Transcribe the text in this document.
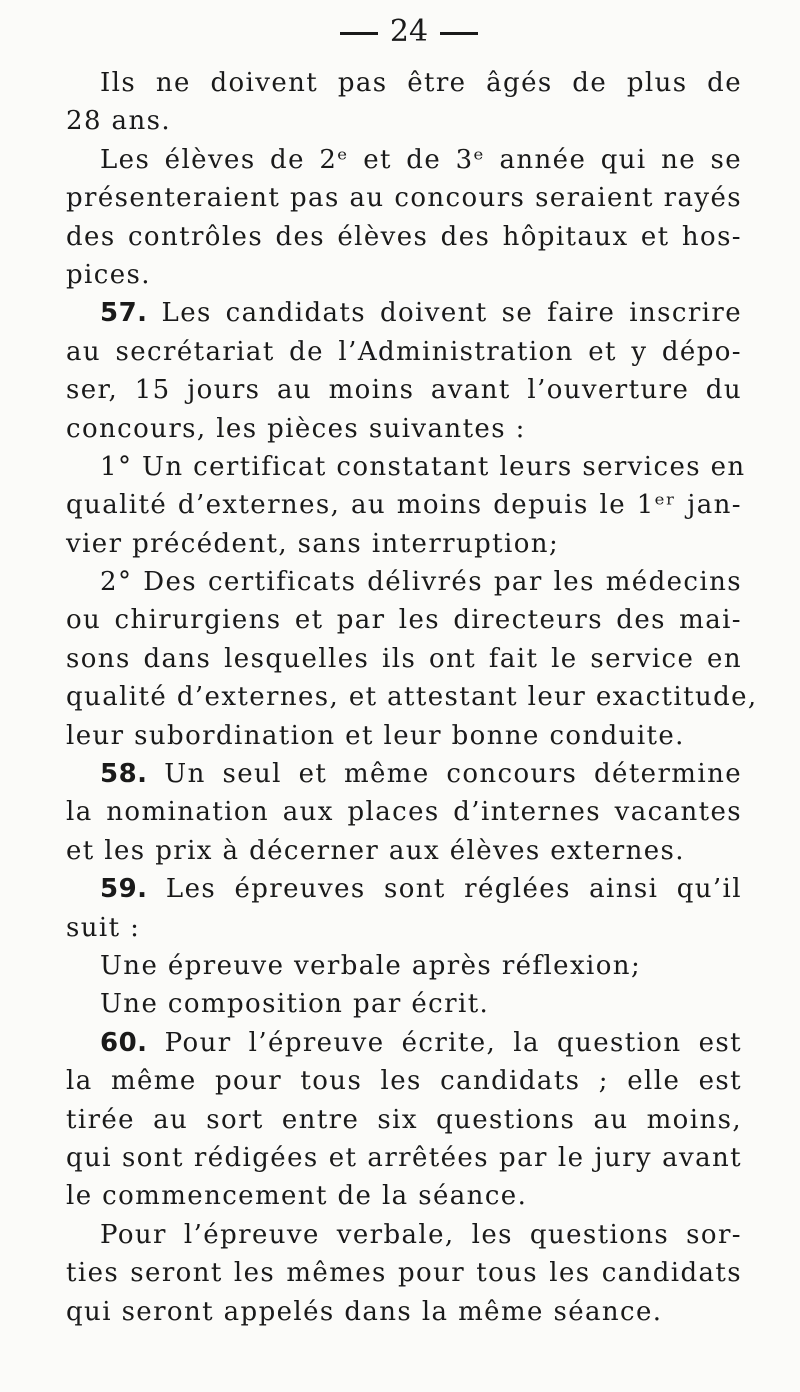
24
Ils ne doivent pas être âgés de plus de
28 ans.
Les élèves de 2ᵉ et de 3ᵉ année qui ne se
présenteraient pas au concours seraient rayés
des contrôles des élèves des hôpitaux et hos-
pices.
57. Les candidats doivent se faire inscrire
au secrétariat de l’Administration et y dépo-
ser, 15 jours au moins avant l’ouverture du
concours, les pièces suivantes :
1° Un certificat constatant leurs services en
qualité d’externes, au moins depuis le 1ᵉʳ jan-
vier précédent, sans interruption;
2° Des certificats délivrés par les médecins
ou chirurgiens et par les directeurs des mai-
sons dans lesquelles ils ont fait le service en
qualité d’externes, et attestant leur exactitude,
leur subordination et leur bonne conduite.
58. Un seul et même concours détermine
la nomination aux places d’internes vacantes
et les prix à décerner aux élèves externes.
59. Les épreuves sont réglées ainsi qu’il
suit :
Une épreuve verbale après réflexion;
Une composition par écrit.
60. Pour l’épreuve écrite, la question est
la même pour tous les candidats ; elle est
tirée au sort entre six questions au moins,
qui sont rédigées et arrêtées par le jury avant
le commencement de la séance.
Pour l’épreuve verbale, les questions sor-
ties seront les mêmes pour tous les candidats
qui seront appelés dans la même séance.
